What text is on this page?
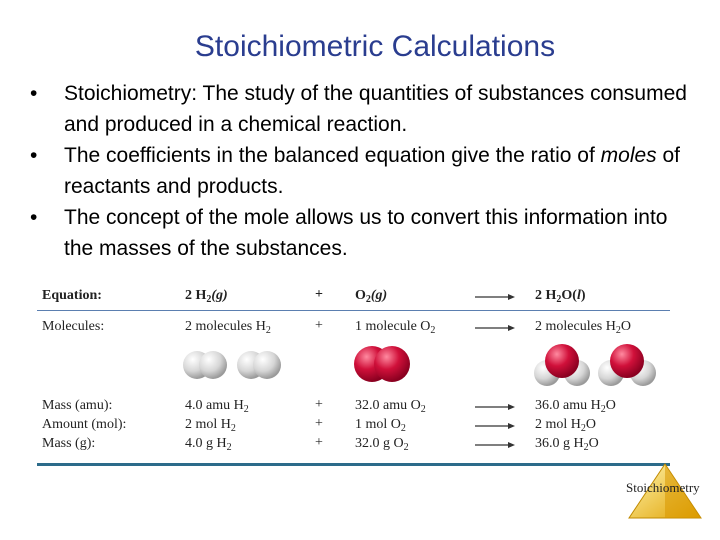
Stoichiometric Calculations
• Stoichiometry: The study of the quantities of substances consumed and produced in a chemical reaction.
• The coefficients in the balanced equation give the ratio of moles of reactants and products.
• The concept of the mole allows us to convert this information into the masses of the substances.
Equation:	2 $H_2(g)$	+ $O_2(g)$	→ 2 $H_2O(l)$
Molecules:	2 molecules $H_2$	+ 1 molecule $O_2$	→ 2 molecules $H_2O$
Mass (amu):	4.0 amu $H_2$	+ 32.0 amu $O_2$	→ 36.0 amu $H_2O$
Amount (mol):	2 mol $H_2$	+ 1 mol $O_2$	→ 2 mol $H_2O$
Mass (g):	4.0 g $H_2$	+ 32.0 g $O_2$	→ 36.0 g $H_2O$
Stoichiometry
